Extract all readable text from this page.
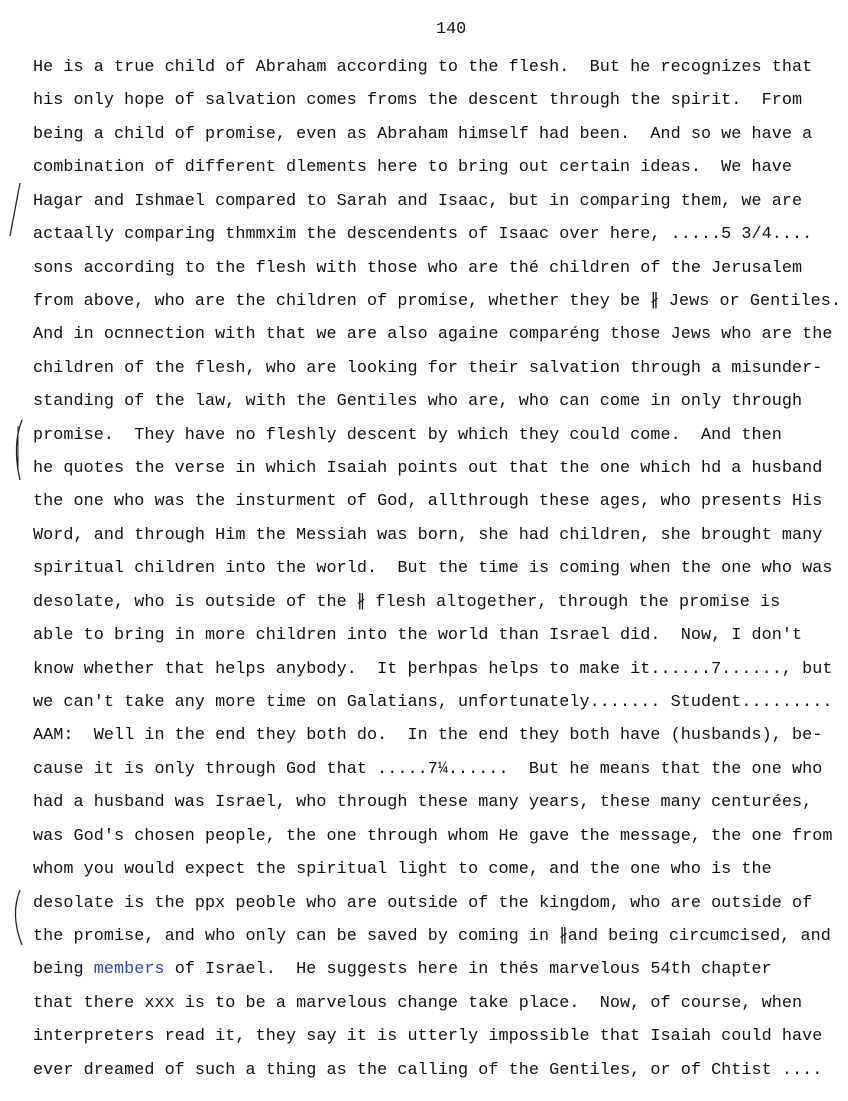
140
He is a true child of Abraham according to the flesh.  But he recognizes that
his only hope of salvation comes froms the descent through the spirit.  From
being a child of promise, even as Abraham himself had been.  And so we have a
combination of different dlements here to bring out certain ideas.  We have
Hagar and Ishmael compared to Sarah and Isaac, but in comparing them, we are
actaally comparing thmmxim the descendents of Isaac over here, .....5 3/4....
sons according to the flesh with those who are thé children of the Jerusalem
from above, who are the children of promise, whether they be ∦ Jews or Gentiles.
And in ocnnection with that we are also againe comparéng those Jews who are the
children of the flesh, who are looking for their salvation through a misunder-
standing of the law, with the Gentiles who are, who can come in only through
promise.  They have no fleshly descent by which they could come.  And then
he quotes the verse in which Isaiah points out that the one which hd a husband
the one who was the insturment of God, allthrough these ages, who presents His
Word, and through Him the Messiah was born, she had children, she brought many
spiritual children into the world.  But the time is coming when the one who was
desolate, who is outside of the ∦ flesh altogether, through the promise is
able to bring in more children into the world than Israel did.  Now, I don't
know whether that helps anybody.  It þerhpas helps to make it......7......, but
we can't take any more time on Galatians, unfortunately....... Student.........
AAM:  Well in the end they both do.  In the end they both have (husbands), be-
cause it is only through God that .....7¼......  But he means that the one who
had a husband was Israel, who through these many years, these many centurées,
was God's chosen people, the one through whom He gave the message, the one from
whom you would expect the spiritual light to come, and the one who is the
desolate is the ppx peoble who are outside of the kingdom, who are outside of
the promise, and who only can be saved by coming in ∦and being circumcised, and
being members of Israel.  He suggests here in thés marvelous 54th chapter
that there xxx is to be a marvelous change take place.  Now, of course, when
interpreters read it, they say it is utterly impossible that Isaiah could have
ever dreamed of such a thing as the calling of the Gentiles, or of Chtist ....
